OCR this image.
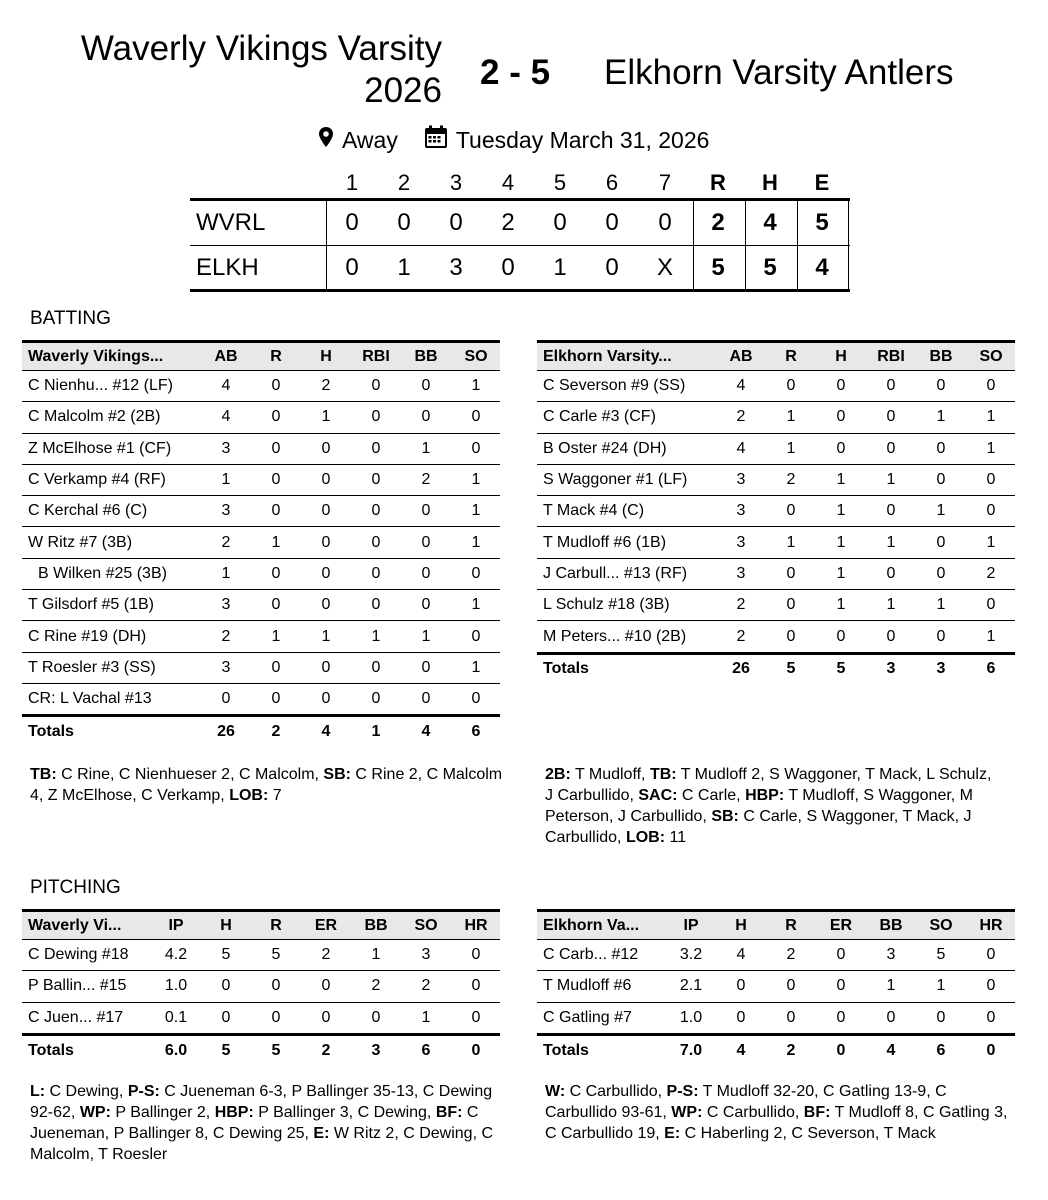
Waverly Vikings Varsity
2026 2 - 5 Elkhorn Varsity Antlers
Away	Tuesday March 31, 2026
1	2	3	4	5	6	7	R	H	E
WVRL	0	0	0	2	0	0	0	2	4	5
ELKH	0	1	3	0	1	0	X	5	5	4
BATTING
Waverly Vikings...	AB	R	H	RBI	BB	SO
C Nienhu... #12 (LF)	4	0	2	0	0	1
C Malcolm #2 (2B)	4	0	1	0	0	0
Z McElhose #1 (CF)	3	0	0	0	1	0
C Verkamp #4 (RF)	1	0	0	0	2	1
C Kerchal #6 (C)	3	0	0	0	0	1
W Ritz #7 (3B)	2	1	0	0	0	1
B Wilken #25 (3B)	1	0	0	0	0	0
T Gilsdorf #5 (1B)	3	0	0	0	0	1
C Rine #19 (DH)	2	1	1	1	1	0
T Roesler #3 (SS)	3	0	0	0	0	1
CR: L Vachal #13	0	0	0	0	0	0
Totals	26	2	4	1	4	6
Elkhorn Varsity...	AB	R	H	RBI	BB	SO
C Severson #9 (SS)	4	0	0	0	0	0
C Carle #3 (CF)	2	1	0	0	1	1
B Oster #24 (DH)	4	1	0	0	0	1
S Waggoner #1 (LF)	3	2	1	1	0	0
T Mack #4 (C)	3	0	1	0	1	0
T Mudloff #6 (1B)	3	1	1	1	0	1
J Carbull... #13 (RF)	3	0	1	0	0	2
L Schulz #18 (3B)	2	0	1	1	1	0
M Peters... #10 (2B)	2	0	0	0	0	1
Totals	26	5	5	3	3	6
TB: C Rine, C Nienhueser 2, C Malcolm, SB: C Rine 2, C Malcolm 4, Z McElhose, C Verkamp, LOB: 7
2B: T Mudloff, TB: T Mudloff 2, S Waggoner, T Mack, L Schulz, J Carbullido, SAC: C Carle, HBP: T Mudloff, S Waggoner, M Peterson, J Carbullido, SB: C Carle, S Waggoner, T Mack, J Carbullido, LOB: 11
PITCHING
Waverly Vi...	IP	H	R	ER	BB	SO	HR
C Dewing #18	4.2	5	5	2	1	3	0
P Ballin... #15	1.0	0	0	0	2	2	0
C Juen... #17	0.1	0	0	0	0	1	0
Totals	6.0	5	5	2	3	6	0
Elkhorn Va...	IP	H	R	ER	BB	SO	HR
C Carb... #12	3.2	4	2	0	3	5	0
T Mudloff #6	2.1	0	0	0	1	1	0
C Gatling #7	1.0	0	0	0	0	0	0
Totals	7.0	4	2	0	4	6	0
L: C Dewing, P-S: C Jueneman 6-3, P Ballinger 35-13, C Dewing 92-62, WP: P Ballinger 2, HBP: P Ballinger 3, C Dewing, BF: C Jueneman, P Ballinger 8, C Dewing 25, E: W Ritz 2, C Dewing, C Malcolm, T Roesler
W: C Carbullido, P-S: T Mudloff 32-20, C Gatling 13-9, C Carbullido 93-61, WP: C Carbullido, BF: T Mudloff 8, C Gatling 3, C Carbullido 19, E: C Haberling 2, C Severson, T Mack
